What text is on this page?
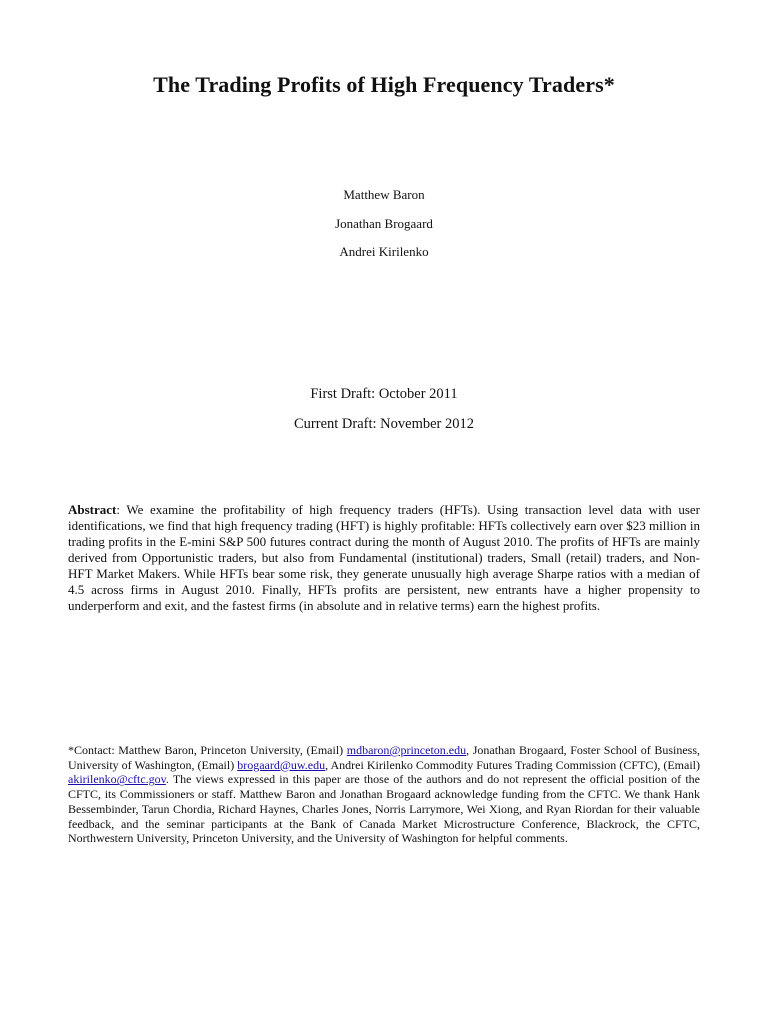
The Trading Profits of High Frequency Traders*
Matthew Baron
Jonathan Brogaard
Andrei Kirilenko
First Draft: October 2011
Current Draft: November 2012
Abstract: We examine the profitability of high frequency traders (HFTs). Using transaction level data with user identifications, we find that high frequency trading (HFT) is highly profitable: HFTs collectively earn over $23 million in trading profits in the E-mini S&P 500 futures contract during the month of August 2010. The profits of HFTs are mainly derived from Opportunistic traders, but also from Fundamental (institutional) traders, Small (retail) traders, and Non-HFT Market Makers. While HFTs bear some risk, they generate unusually high average Sharpe ratios with a median of 4.5 across firms in August 2010. Finally, HFTs profits are persistent, new entrants have a higher propensity to underperform and exit, and the fastest firms (in absolute and in relative terms) earn the highest profits.
*Contact: Matthew Baron, Princeton University, (Email) mdbaron@princeton.edu, Jonathan Brogaard, Foster School of Business, University of Washington, (Email) brogaard@uw.edu, Andrei Kirilenko Commodity Futures Trading Commission (CFTC), (Email) akirilenko@cftc.gov. The views expressed in this paper are those of the authors and do not represent the official position of the CFTC, its Commissioners or staff. Matthew Baron and Jonathan Brogaard acknowledge funding from the CFTC. We thank Hank Bessembinder, Tarun Chordia, Richard Haynes, Charles Jones, Norris Larrymore, Wei Xiong, and Ryan Riordan for their valuable feedback, and the seminar participants at the Bank of Canada Market Microstructure Conference, Blackrock, the CFTC, Northwestern University, Princeton University, and the University of Washington for helpful comments.
